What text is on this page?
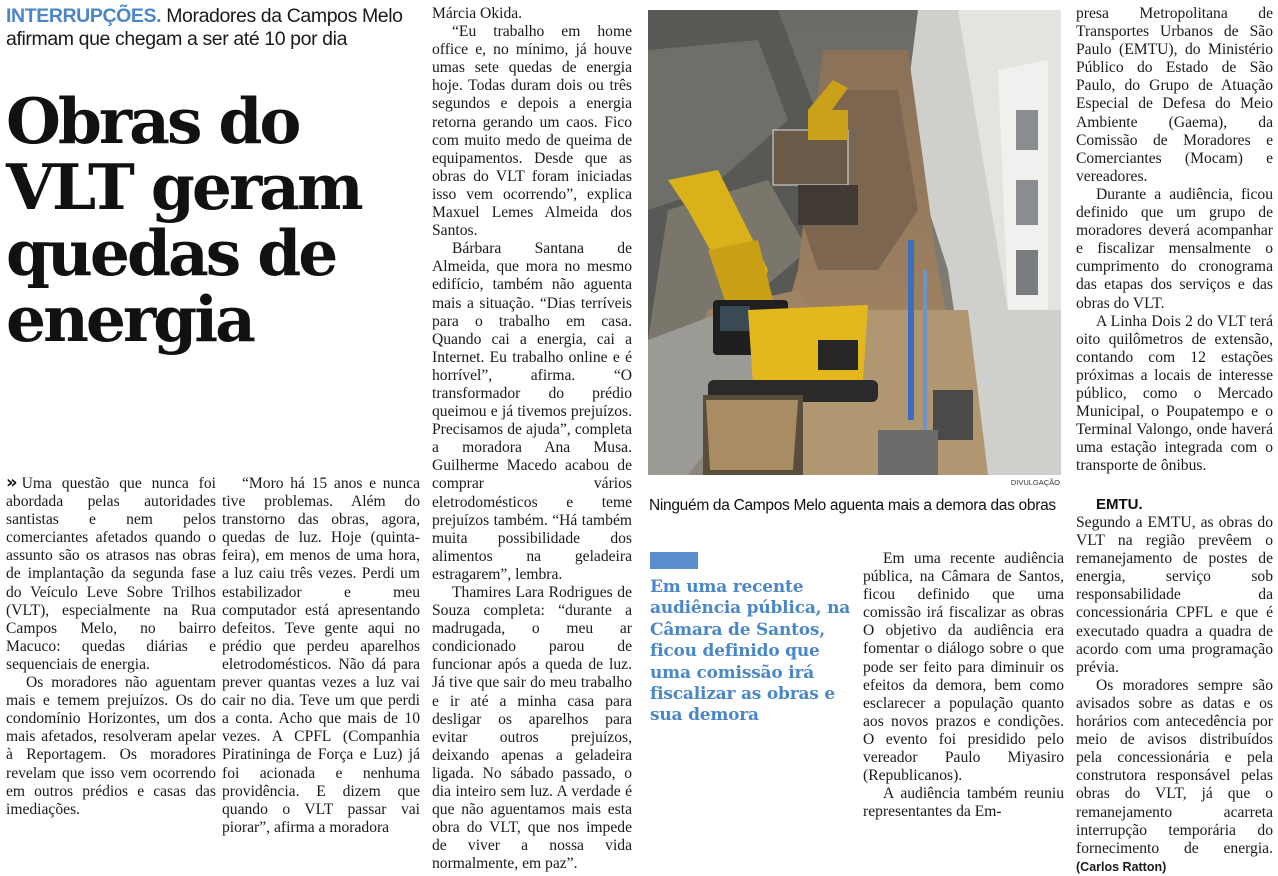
INTERRUPÇÕES. Moradores da Campos Melo afirmam que chegam a ser até 10 por dia
Obras do
VLT geram
quedas de
energia

» Uma questão que nunca foi abordada pelas autoridades santistas e nem pelos comerciantes afetados quando o assunto são os atrasos nas obras de implantação da segunda fase do Veículo Leve Sobre Trilhos (VLT), especialmente na Rua Campos Melo, no bairro Macuco: quedas diárias e sequenciais de energia.

Os moradores não aguentam mais e temem prejuízos. Os do condomínio Horizontes, um dos mais afetados, resolveram apelar à Reportagem. Os moradores revelam que isso vem ocorrendo em outros prédios e casas das imediações.

“Moro há 15 anos e nunca tive problemas. Além do transtorno das obras, agora, quedas de luz. Hoje (quinta-feira), em menos de uma hora, a luz caiu três vezes. Perdi um estabilizador e meu computador está apresentando defeitos. Teve gente aqui no prédio que perdeu aparelhos eletrodomésticos. Não dá para prever quantas vezes a luz vai cair no dia. Teve um que perdi a conta. Acho que mais de 10 vezes. A CPFL (Companhia Piratininga de Força e Luz) já foi acionada e nenhuma providência. E dizem que quando o VLT passar vai piorar”, afirma a moradora

Márcia Okida.

“Eu trabalho em home office e, no mínimo, já houve umas sete quedas de energia hoje. Todas duram dois ou três segundos e depois a energia retorna gerando um caos. Fico com muito medo de queima de equipamentos. Desde que as obras do VLT foram iniciadas isso vem ocorrendo”, explica Maxuel Lemes Almeida dos Santos.

Bárbara Santana de Almeida, que mora no mesmo edifício, também não aguenta mais a situação. “Dias terríveis para o trabalho em casa. Quando cai a energia, cai a Internet. Eu trabalho online e é horrível”, afirma. “O transformador do prédio queimou e já tivemos prejuízos. Precisamos de ajuda”, completa a moradora Ana Musa. Guilherme Macedo acabou de comprar vários eletrodomésticos e teme prejuízos também. “Há também muita possibilidade dos alimentos na geladeira estragarem”, lembra.

Thamires Lara Rodrigues de Souza completa: “durante a madrugada, o meu ar condicionado parou de funcionar após a queda de luz. Já tive que sair do meu trabalho e ir até a minha casa para desligar os aparelhos para evitar outros prejuízos, deixando apenas a geladeira ligada. No sábado passado, o dia inteiro sem luz. A verdade é que não aguentamos mais esta obra do VLT, que nos impede de viver a nossa vida normalmente, em paz”.

DIVULGAÇÃO
Ninguém da Campos Melo aguenta mais a demora das obras
Em uma recente audiência pública, na Câmara de Santos, ficou definido que uma comissão irá fiscalizar as obras e sua demora

Em uma recente audiência pública, na Câmara de Santos, ficou definido que uma comissão irá fiscalizar as obras O objetivo da audiência era fomentar o diálogo sobre o que pode ser feito para diminuir os efeitos da demora, bem como esclarecer a população quanto aos novos prazos e condições. O evento foi presidido pelo vereador Paulo Miyasiro (Republicanos).

A audiência também reuniu representantes da Em-

presa Metropolitana de Transportes Urbanos de São Paulo (EMTU), do Ministério Público do Estado de São Paulo, do Grupo de Atuação Especial de Defesa do Meio Ambiente (Gaema), da Comissão de Moradores e Comerciantes (Mocam) e vereadores.

Durante a audiência, ficou definido que um grupo de moradores deverá acompanhar e fiscalizar mensalmente o cumprimento do cronograma das etapas dos serviços e das obras do VLT.

A Linha Dois 2 do VLT terá oito quilômetros de extensão, contando com 12 estações próximas a locais de interesse público, como o Mercado Municipal, o Poupatempo e o Terminal Valongo, onde haverá uma estação integrada com o transporte de ônibus.

EMTU.

Segundo a EMTU, as obras do VLT na região prevêem o remanejamento de postes de energia, serviço sob responsabilidade da concessionária CPFL e que é executado quadra a quadra de acordo com uma programação prévia.

Os moradores sempre são avisados sobre as datas e os horários com antecedência por meio de avisos distribuídos pela concessionária e pela construtora responsável pelas obras do VLT, já que o remanejamento acarreta interrupção temporária do fornecimento de energia. (Carlos Ratton)
